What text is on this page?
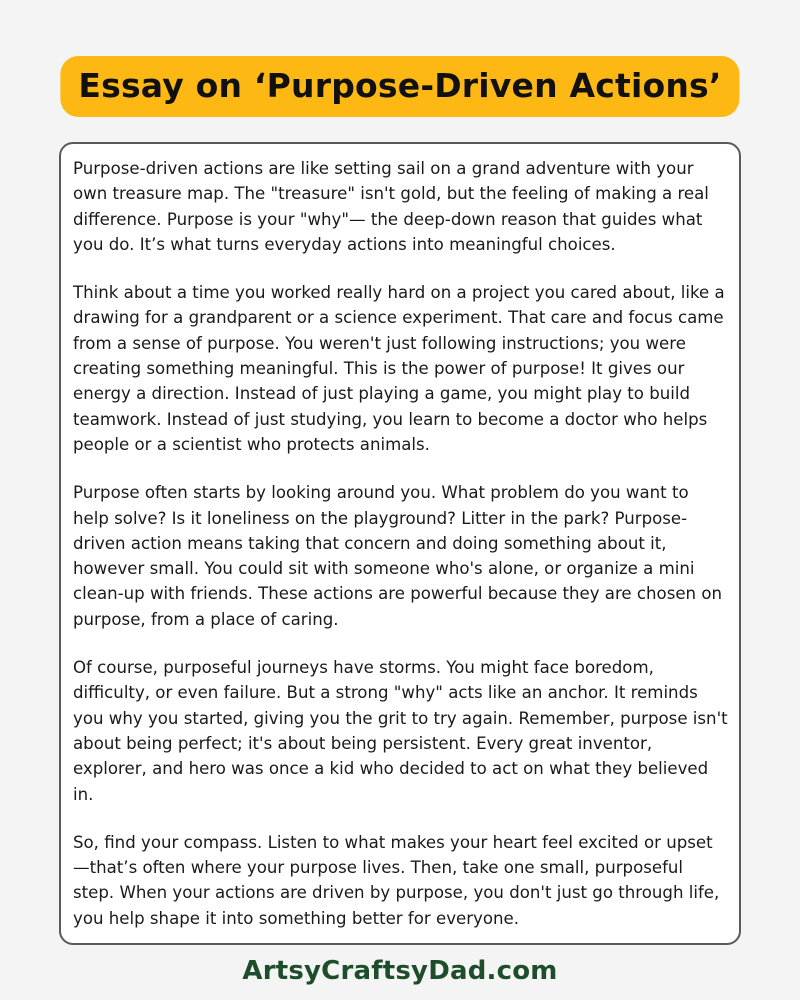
Essay on ‘Purpose-Driven Actions’

Purpose-driven actions are like setting sail on a grand adventure with your own treasure map. The "treasure" isn't gold, but the feeling of making a real difference. Purpose is your "why"— the deep-down reason that guides what you do. It’s what turns everyday actions into meaningful choices.

Think about a time you worked really hard on a project you cared about, like a drawing for a grandparent or a science experiment. That care and focus came from a sense of purpose. You weren't just following instructions; you were creating something meaningful. This is the power of purpose! It gives our energy a direction. Instead of just playing a game, you might play to build teamwork. Instead of just studying, you learn to become a doctor who helps people or a scientist who protects animals.

Purpose often starts by looking around you. What problem do you want to help solve? Is it loneliness on the playground? Litter in the park? Purpose-driven action means taking that concern and doing something about it, however small. You could sit with someone who's alone, or organize a mini clean-up with friends. These actions are powerful because they are chosen on purpose, from a place of caring.

Of course, purposeful journeys have storms. You might face boredom, difficulty, or even failure. But a strong "why" acts like an anchor. It reminds you why you started, giving you the grit to try again. Remember, purpose isn't about being perfect; it's about being persistent. Every great inventor, explorer, and hero was once a kid who decided to act on what they believed in.

So, find your compass. Listen to what makes your heart feel excited or upset—that’s often where your purpose lives. Then, take one small, purposeful step. When your actions are driven by purpose, you don't just go through life, you help shape it into something better for everyone.

ArtsyCraftsyDad.com
